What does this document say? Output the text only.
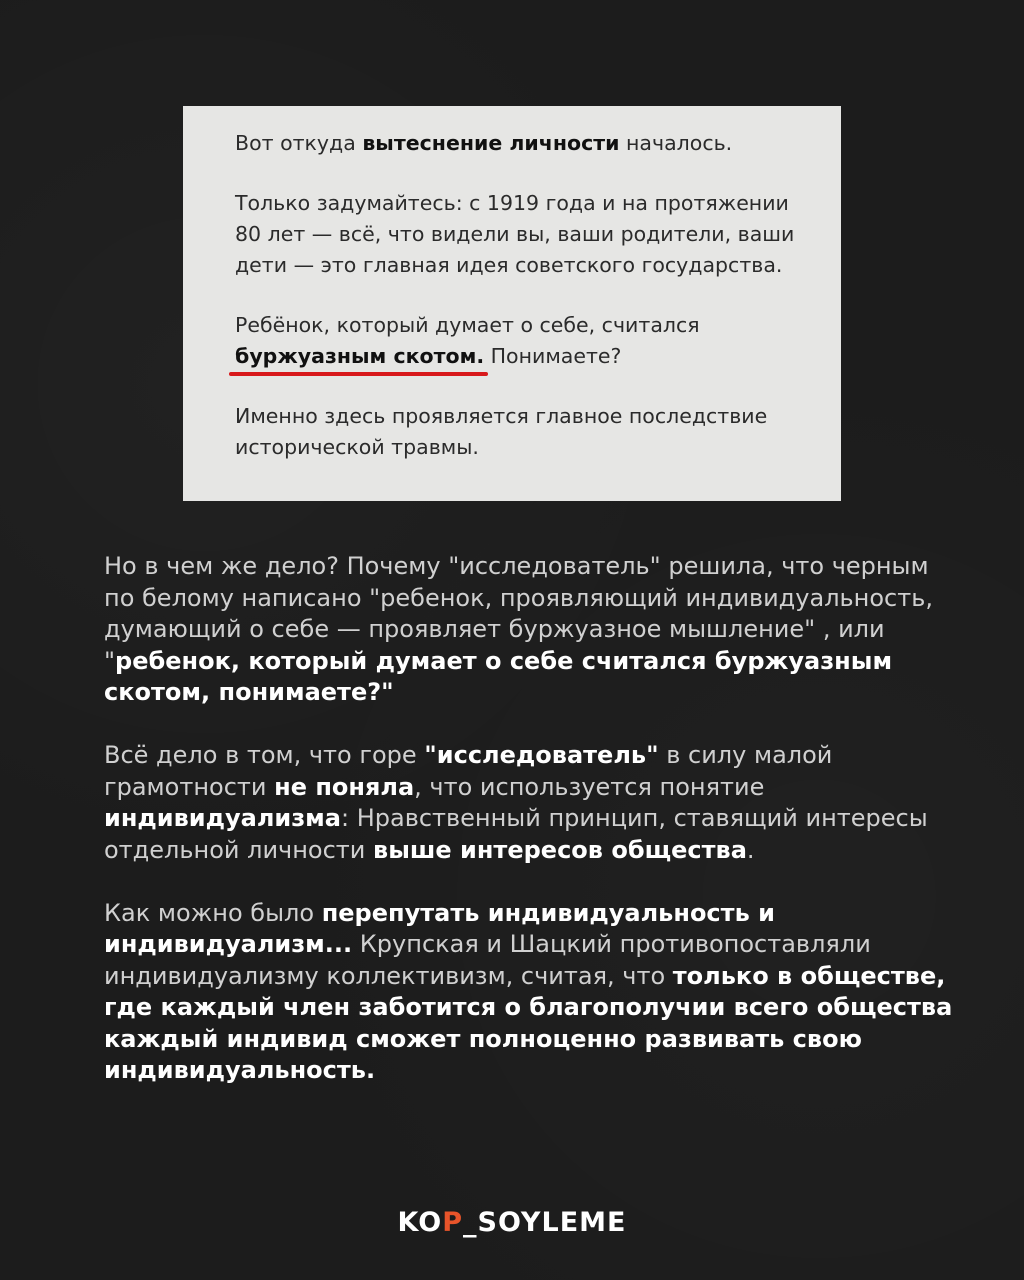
Вот откуда вытеснение личности началось.

Только задумайтесь: с 1919 года и на протяжении 80 лет — всё, что видели вы, ваши родители, ваши дети — это главная идея советского государства.

Ребёнок, который думает о себе, считался буржуазным скотом.
Понимаете?

Именно здесь проявляется главное последствие исторической травмы.

Но в чем же дело? Почему "исследователь" решила, что черным по белому написано "ребенок, проявляющий индивидуальность, думающий о себе — проявляет буржуазное мышление" , или "ребенок, который думает о себе считался буржуазным скотом, понимаете?"

Всё дело в том, что горе "исследователь" в силу малой грамотности не поняла, что используется понятие индивидуализма: Нравственный принцип, ставящий интересы отдельной личности выше интересов общества.

Как можно было перепутать индивидуальность и индивидуализм... Крупская и Шацкий противопоставляли индивидуализму коллективизм, считая, что только в обществе, где каждый член заботится о благополучии всего общества каждый индивид сможет полноценно развивать свою индивидуальность.

KOP_SOYLEME
